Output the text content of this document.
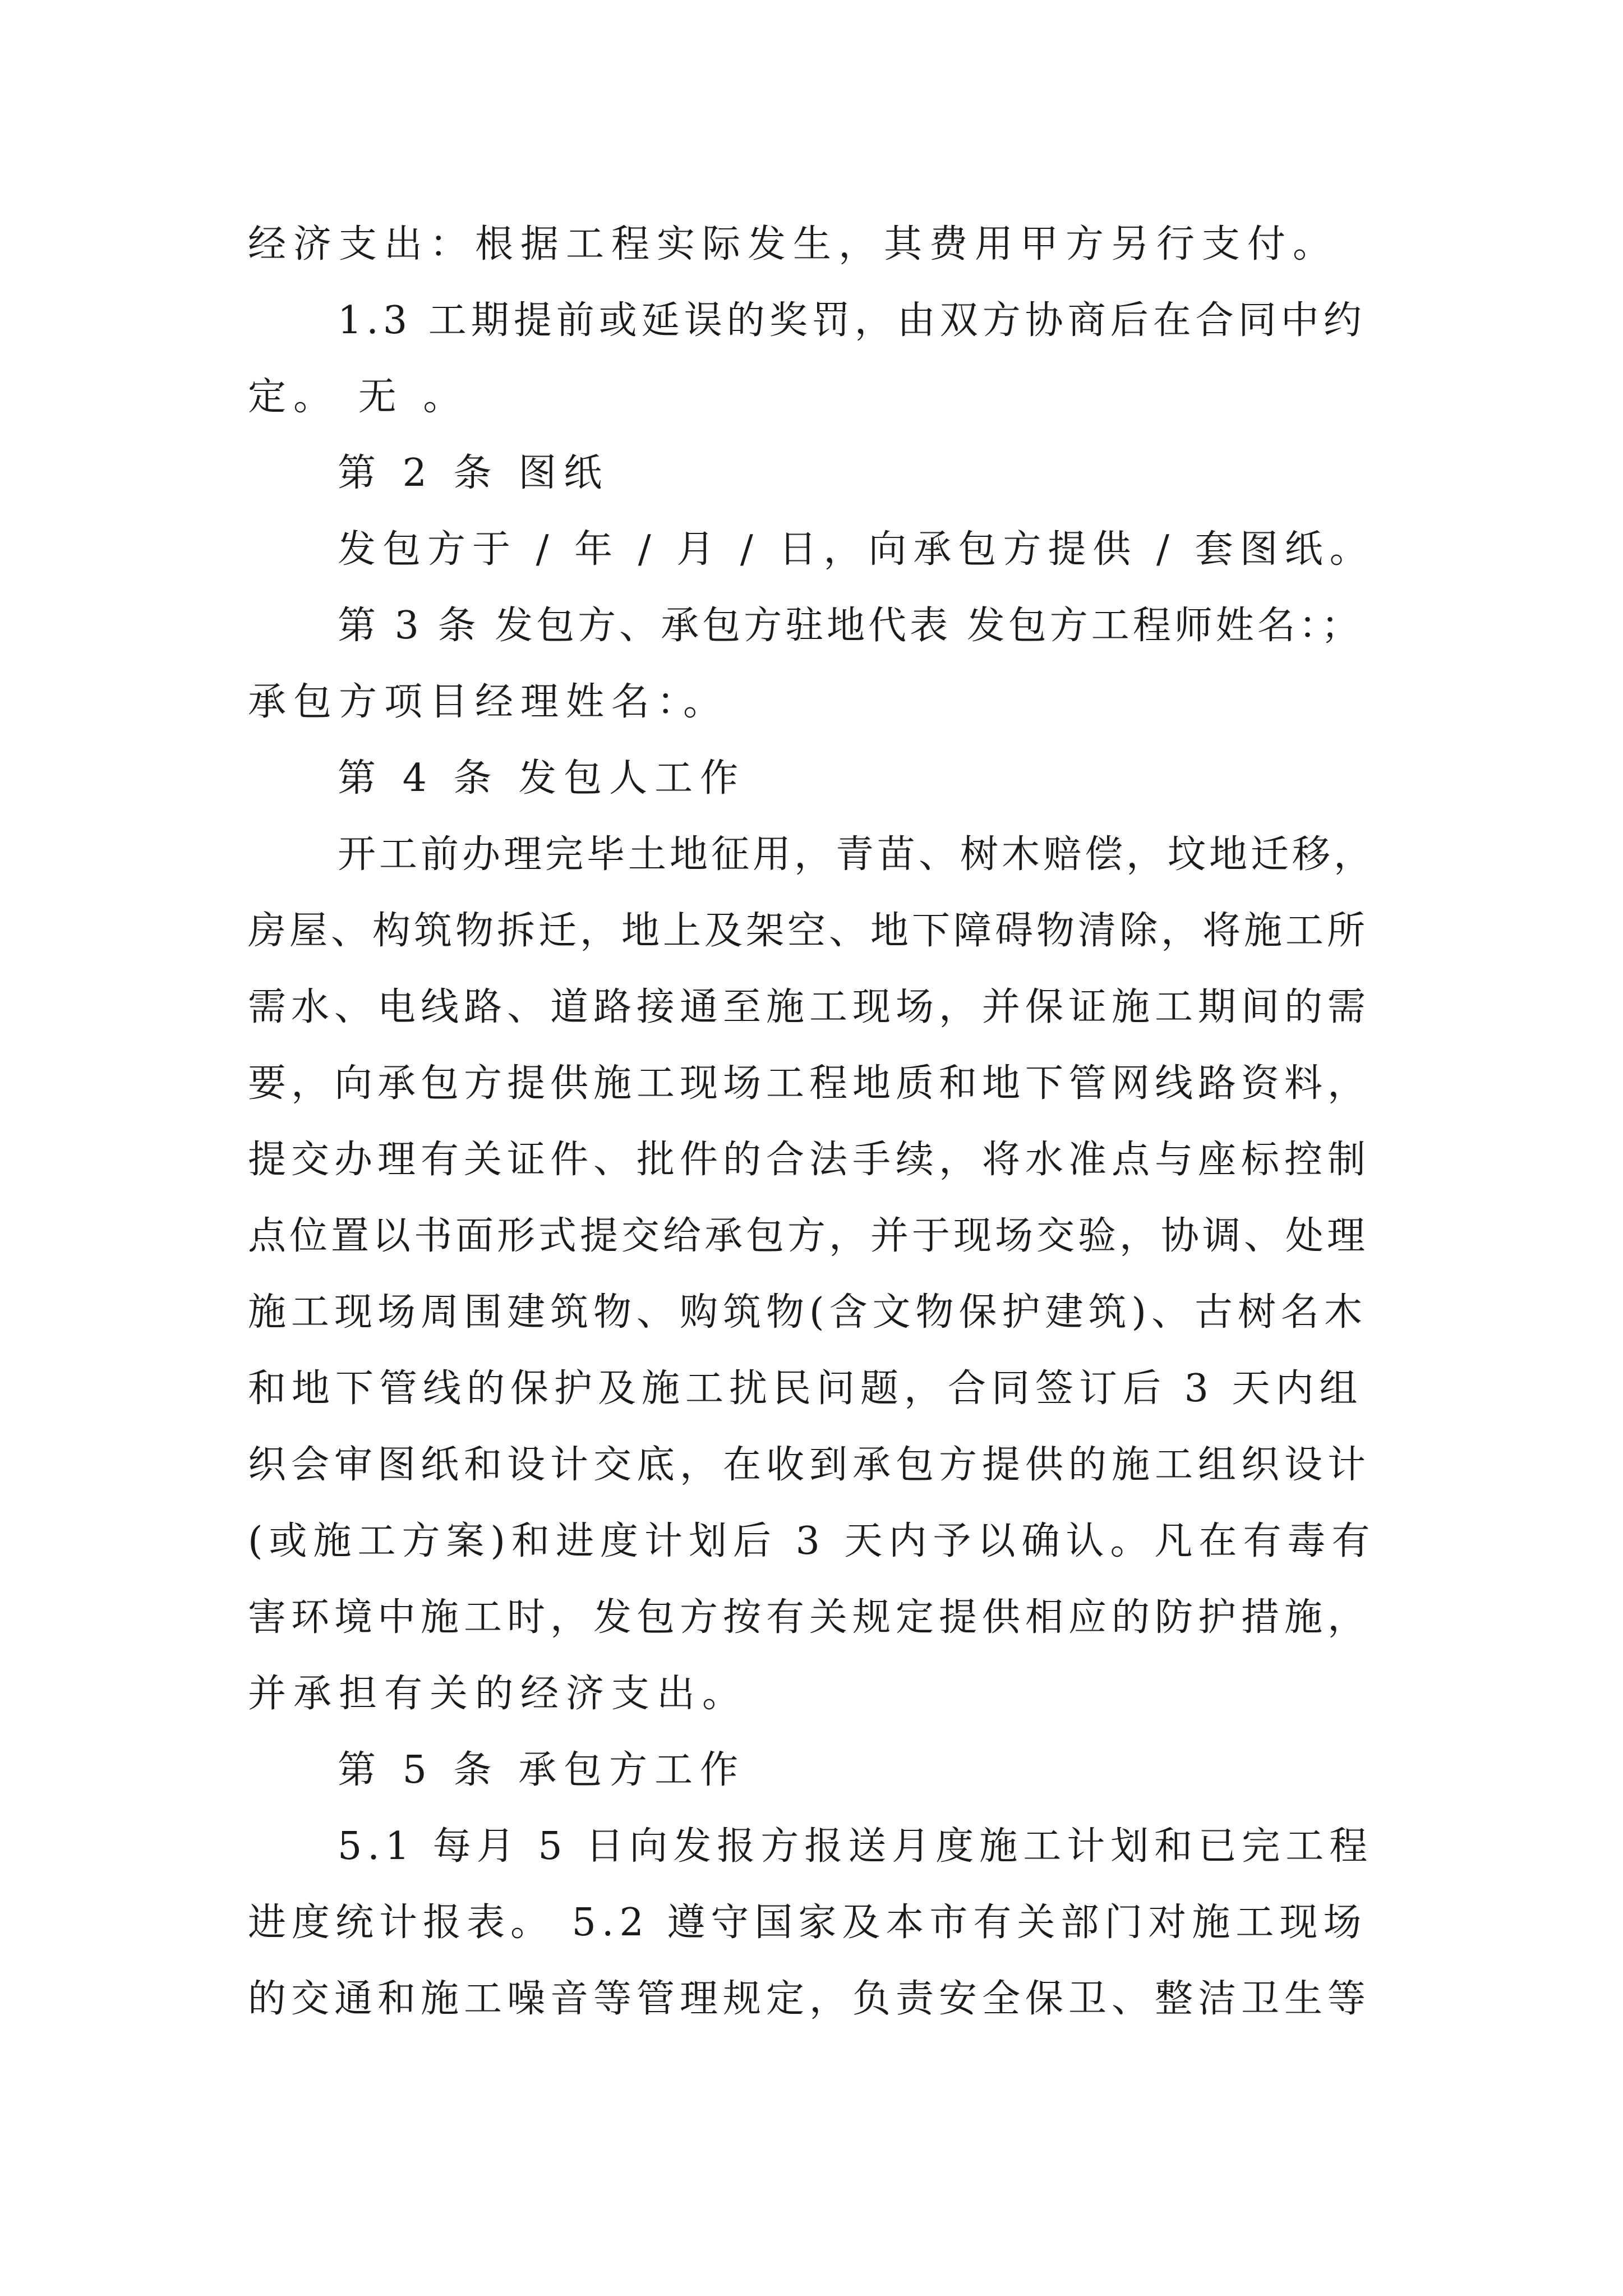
经济支出：根据工程实际发生，其费用甲方另行支付。

1.3 工期提前或延误的奖罚，由双方协商后在合同中约

定。 无 。

第 2 条 图纸

发包方于 / 年 / 月 / 日，向承包方提供 / 套图纸。

第 3 条 发包方、承包方驻地代表 发包方工程师姓名：；

承包方项目经理姓名：。

第 4 条 发包人工作

开工前办理完毕土地征用，青苗、树木赔偿，坟地迁移，

房屋、构筑物拆迁，地上及架空、地下障碍物清除，将施工所

需水、电线路、道路接通至施工现场，并保证施工期间的需

要，向承包方提供施工现场工程地质和地下管网线路资料，

提交办理有关证件、批件的合法手续，将水准点与座标控制

点位置以书面形式提交给承包方，并于现场交验，协调、处理

施工现场周围建筑物、购筑物(含文物保护建筑)、古树名木

和地下管线的保护及施工扰民问题，合同签订后 3 天内组

织会审图纸和设计交底，在收到承包方提供的施工组织设计

(或施工方案)和进度计划后 3 天内予以确认。凡在有毒有

害环境中施工时，发包方按有关规定提供相应的防护措施，

并承担有关的经济支出。

第 5 条 承包方工作

5.1 每月 5 日向发报方报送月度施工计划和已完工程

进度统计报表。 5.2 遵守国家及本市有关部门对施工现场

的交通和施工噪音等管理规定，负责安全保卫、整洁卫生等
